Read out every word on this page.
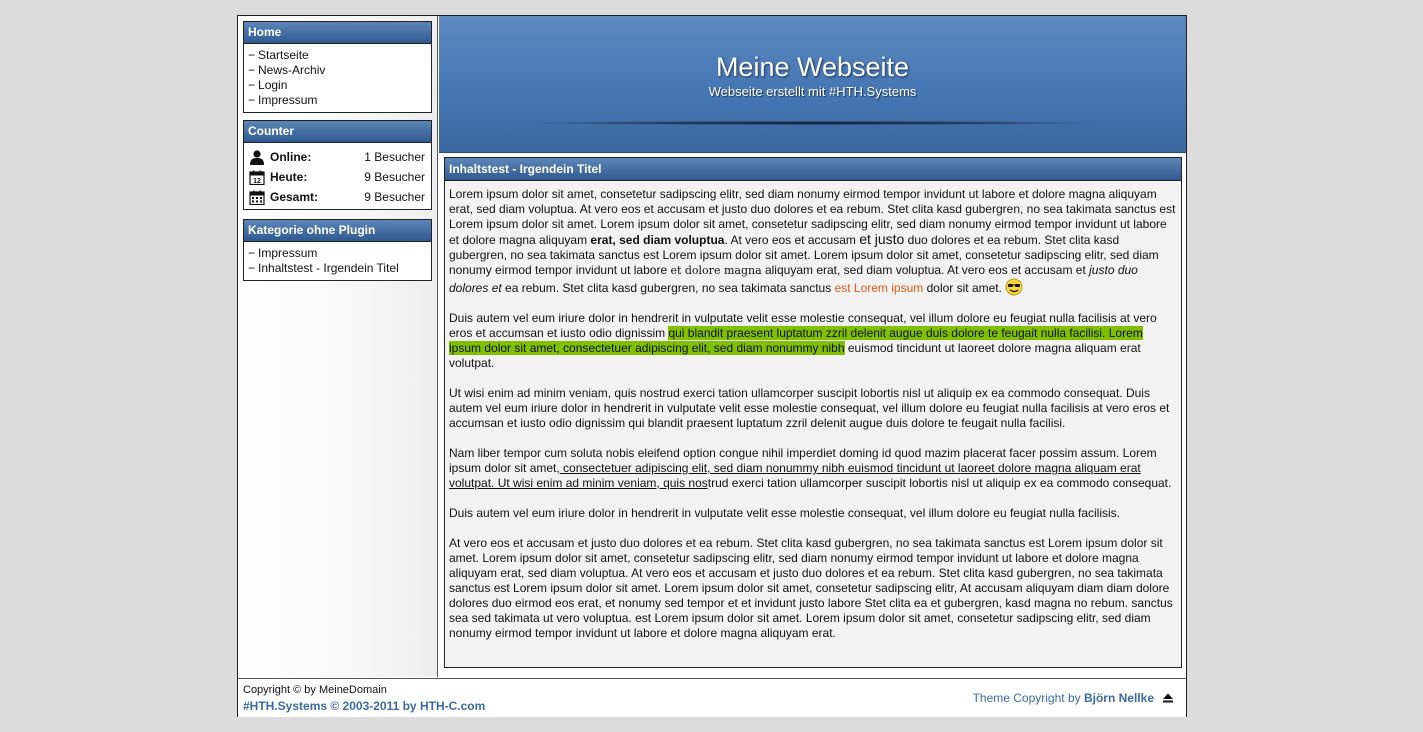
Home
− Startseite
− News-Archiv
− Login
− Impressum
Counter
Online:	1 Besucher
12 Heute:	9 Besucher
Gesamt:	9 Besucher
Kategorie ohne Plugin
− Impressum
− Inhaltstest - Irgendein Titel
Meine Webseite
Webseite erstellt mit #HTH.Systems
Inhaltstest - Irgendein Titel

Lorem ipsum dolor sit amet, consetetur sadipscing elitr, sed diam nonumy eirmod tempor invidunt ut labore et dolore magna aliquyam erat, sed diam voluptua. At vero eos et accusam et justo duo dolores et ea rebum. Stet clita kasd gubergren, no sea takimata sanctus est Lorem ipsum dolor sit amet. Lorem ipsum dolor sit amet, consetetur sadipscing elitr, sed diam nonumy eirmod tempor invidunt ut labore et dolore magna aliquyam erat, sed diam voluptua. At vero eos et accusam et justo duo dolores et ea rebum. Stet clita kasd gubergren, no sea takimata sanctus est Lorem ipsum dolor sit amet. Lorem ipsum dolor sit amet, consetetur sadipscing elitr, sed diam nonumy eirmod tempor invidunt ut labore et dolore magna aliquyam erat, sed diam voluptua. At vero eos et accusam et justo duo dolores et ea rebum. Stet clita kasd gubergren, no sea takimata sanctus est Lorem ipsum dolor sit amet.

Duis autem vel eum iriure dolor in hendrerit in vulputate velit esse molestie consequat, vel illum dolore eu feugiat nulla facilisis at vero eros et accumsan et iusto odio dignissim qui blandit praesent luptatum zzril delenit augue duis dolore te feugait nulla facilisi. Lorem ipsum dolor sit amet, consectetuer adipiscing elit, sed diam nonummy nibh euismod tincidunt ut laoreet dolore magna aliquam erat volutpat.

Ut wisi enim ad minim veniam, quis nostrud exerci tation ullamcorper suscipit lobortis nisl ut aliquip ex ea commodo consequat. Duis autem vel eum iriure dolor in hendrerit in vulputate velit esse molestie consequat, vel illum dolore eu feugiat nulla facilisis at vero eros et accumsan et iusto odio dignissim qui blandit praesent luptatum zzril delenit augue duis dolore te feugait nulla facilisi.

Nam liber tempor cum soluta nobis eleifend option congue nihil imperdiet doming id quod mazim placerat facer possim assum. Lorem ipsum dolor sit amet, consectetuer adipiscing elit, sed diam nonummy nibh euismod tincidunt ut laoreet dolore magna aliquam erat volutpat. Ut wisi enim ad minim veniam, quis nostrud exerci tation ullamcorper suscipit lobortis nisl ut aliquip ex ea commodo consequat.

Duis autem vel eum iriure dolor in hendrerit in vulputate velit esse molestie consequat, vel illum dolore eu feugiat nulla facilisis.

At vero eos et accusam et justo duo dolores et ea rebum. Stet clita kasd gubergren, no sea takimata sanctus est Lorem ipsum dolor sit amet. Lorem ipsum dolor sit amet, consetetur sadipscing elitr, sed diam nonumy eirmod tempor invidunt ut labore et dolore magna aliquyam erat, sed diam voluptua. At vero eos et accusam et justo duo dolores et ea rebum. Stet clita kasd gubergren, no sea takimata sanctus est Lorem ipsum dolor sit amet. Lorem ipsum dolor sit amet, consetetur sadipscing elitr, At accusam aliquyam diam diam dolore dolores duo eirmod eos erat, et nonumy sed tempor et et invidunt justo labore Stet clita ea et gubergren, kasd magna no rebum. sanctus sea sed takimata ut vero voluptua. est Lorem ipsum dolor sit amet. Lorem ipsum dolor sit amet, consetetur sadipscing elitr, sed diam nonumy eirmod tempor invidunt ut labore et dolore magna aliquyam erat.

Copyright © by MeineDomain
#HTH.Systems © 2003-2011 by HTH-C.com
Theme Copyright by Björn Nellke
